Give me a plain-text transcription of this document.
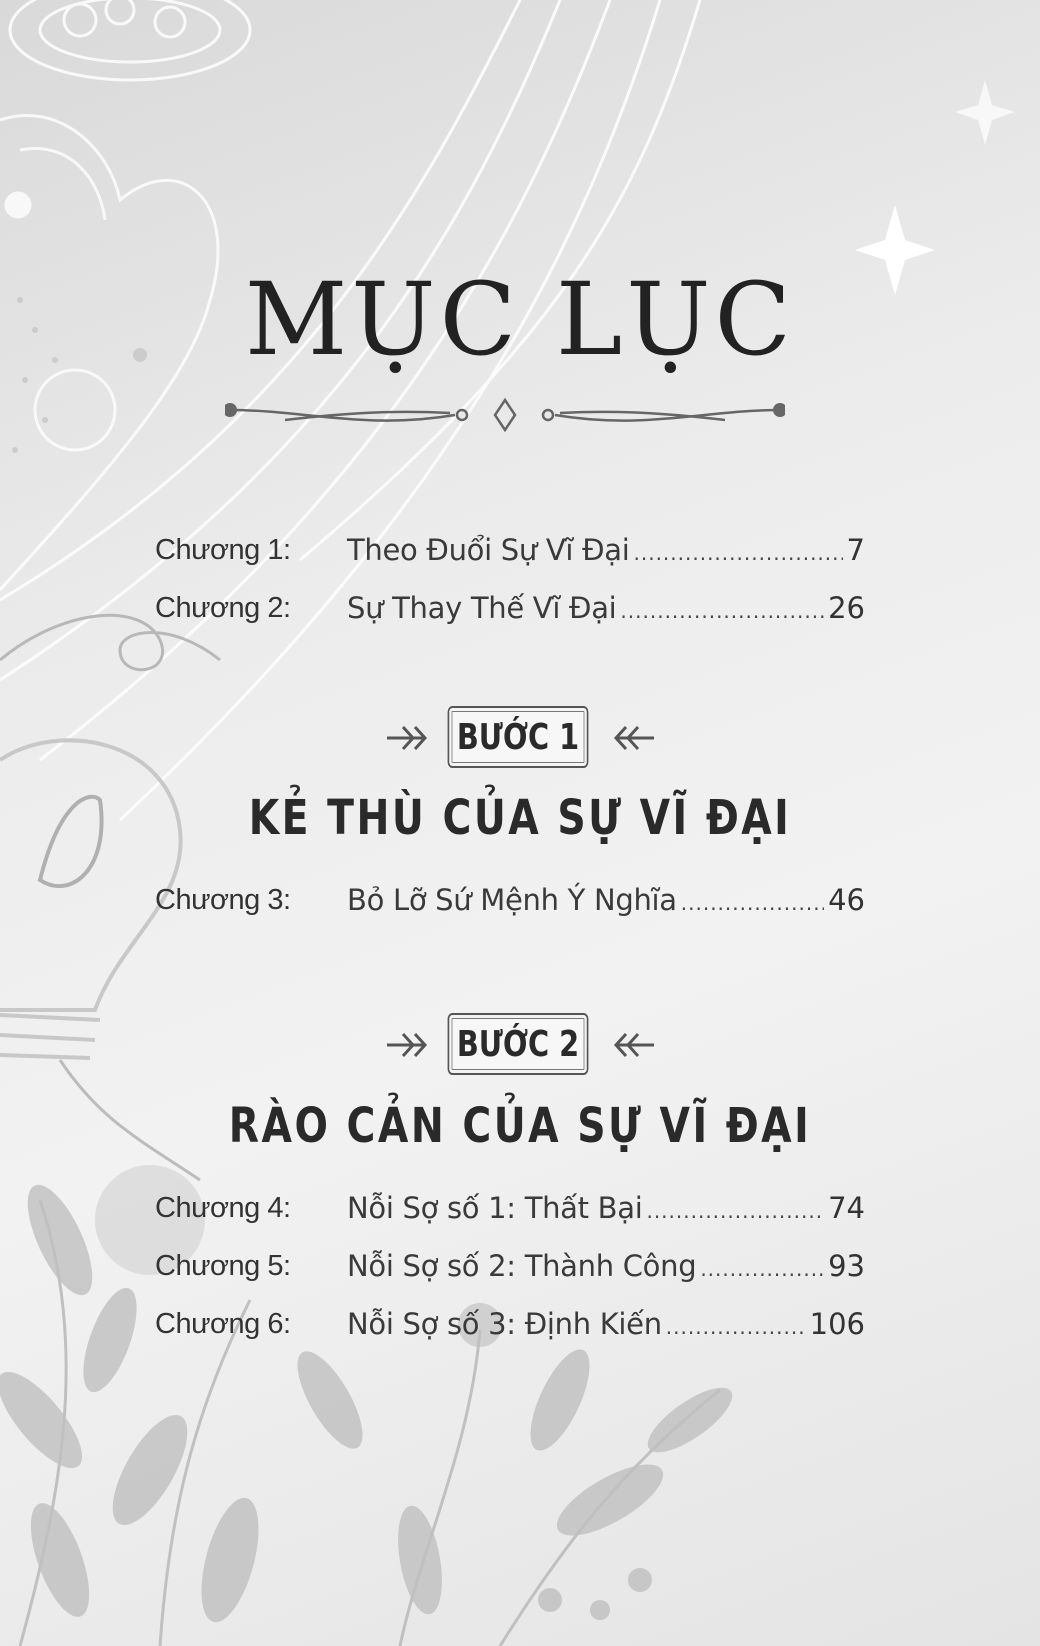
MỤC LỤC
Chương 1:	Theo Đuổi Sự Vĩ Đại .....	7
Chương 2:	Sự Thay Thế Vĩ Đại .....	26
BƯỚC 1
KẺ THÙ CỦA SỰ VĨ ĐẠI
Chương 3:	Bỏ Lỡ Sứ Mệnh Ý Nghĩa .....	46
BƯỚC 2
RÀO CẢN CỦA SỰ VĨ ĐẠI
Chương 4:	Nỗi Sợ số 1: Thất Bại .....	74
Chương 5:	Nỗi Sợ số 2: Thành Công .....	93
Chương 6:	Nỗi Sợ số 3: Định Kiến .....	106
